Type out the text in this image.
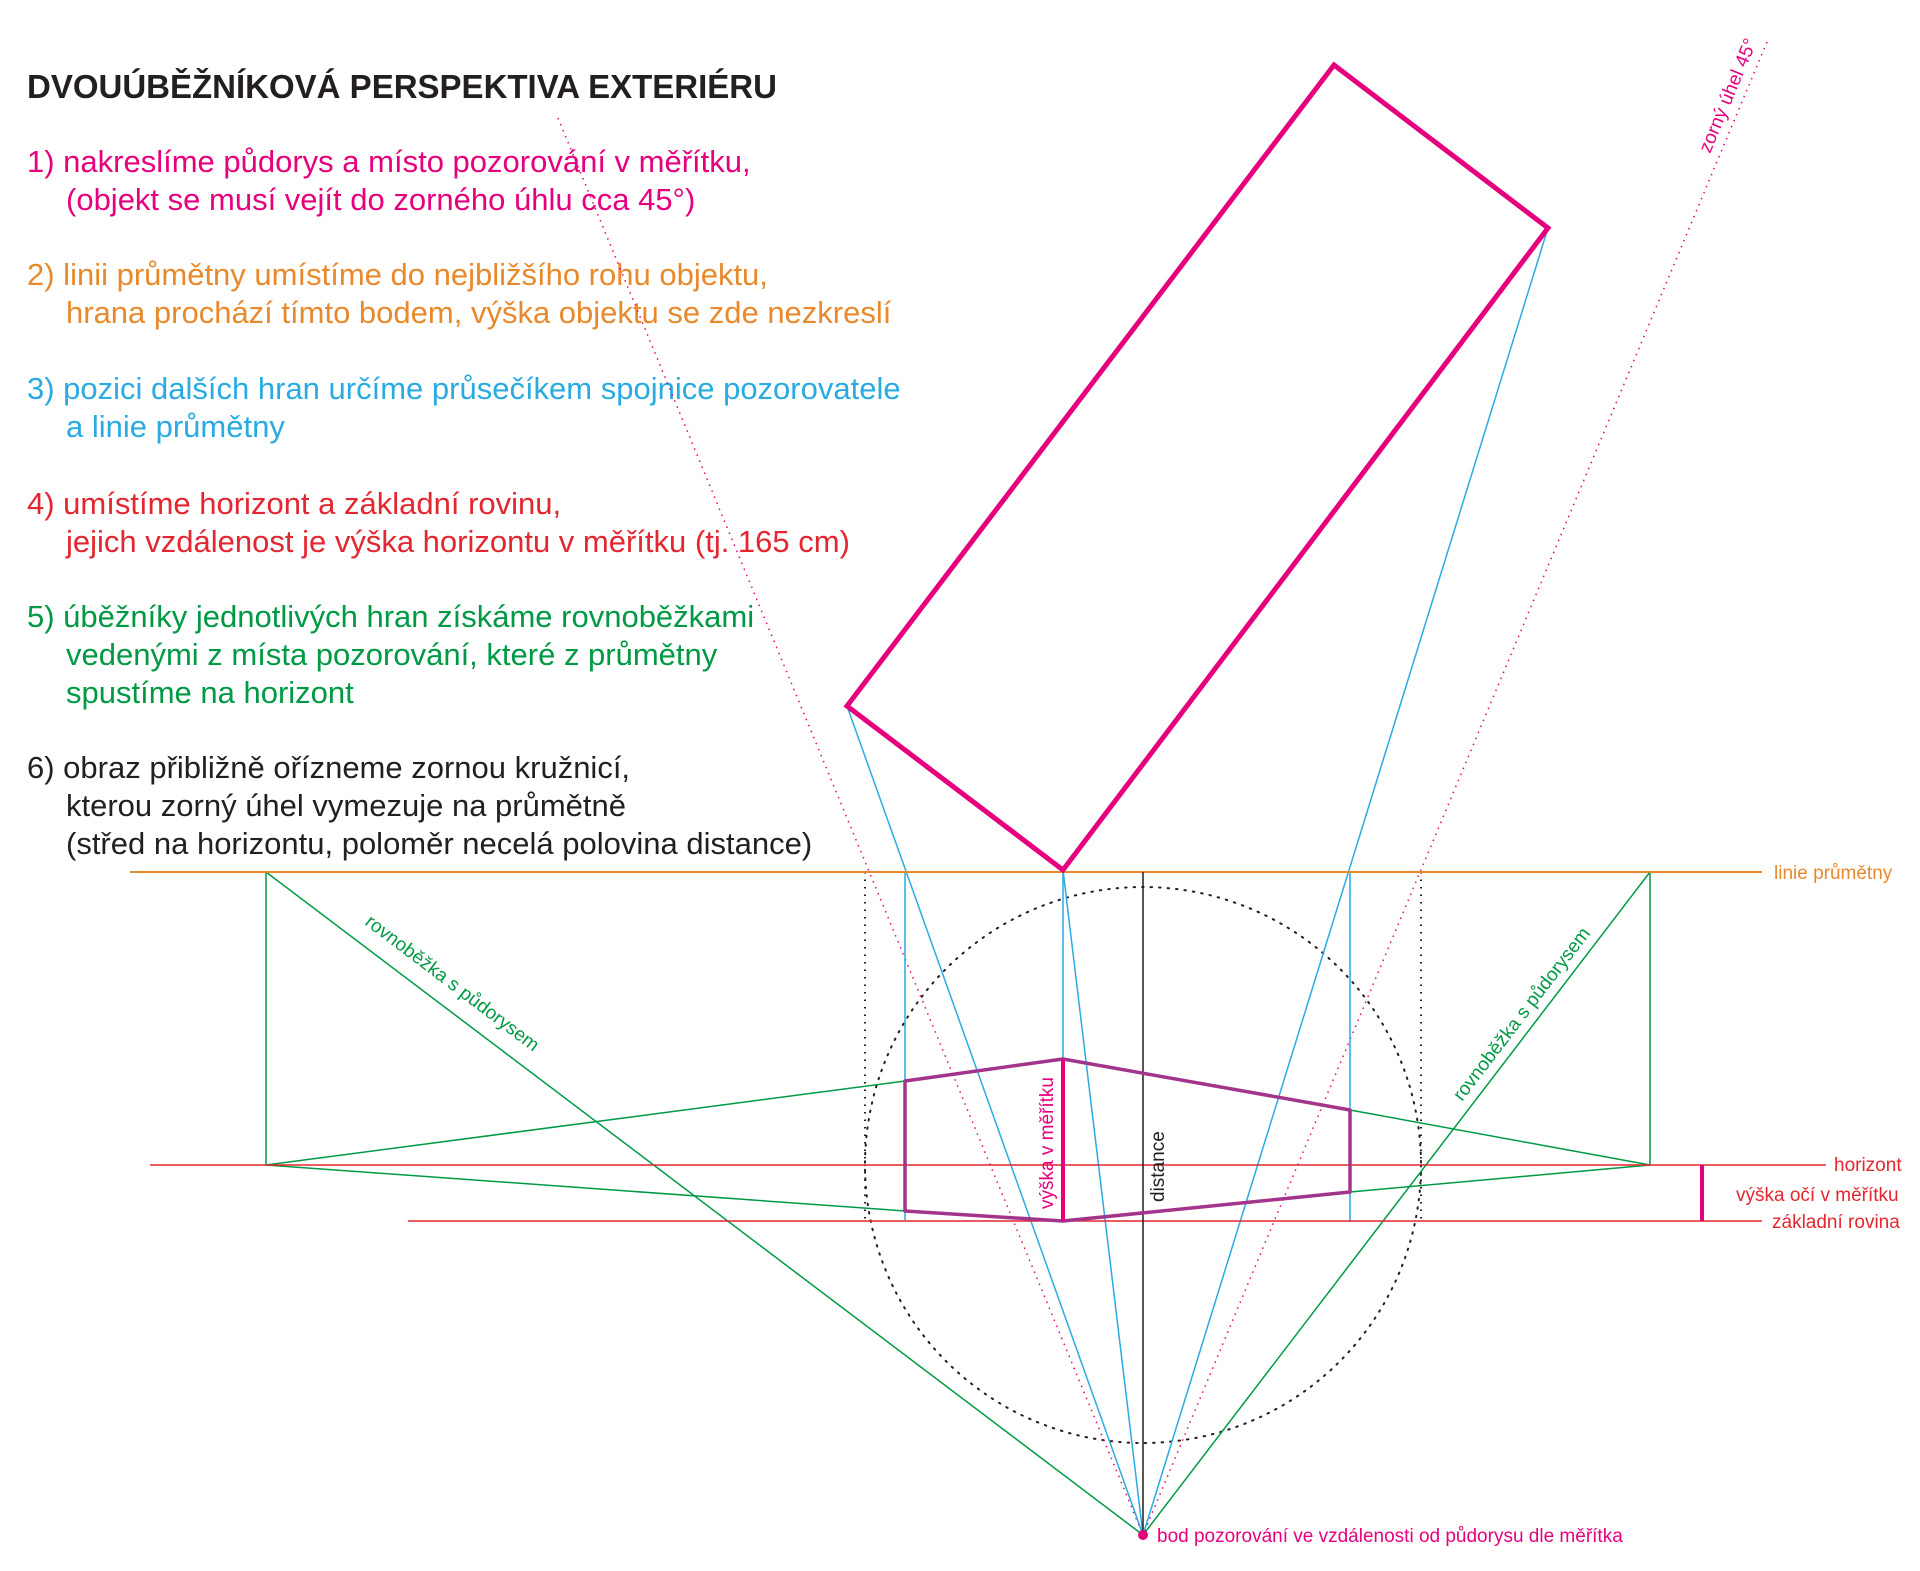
DVOUÚBĚŽNÍKOVÁ PERSPEKTIVA EXTERIÉRU
1) nakreslíme půdorys a místo pozorování v měřítku,
(objekt se musí vejít do zorného úhlu cca 45°)
2) linii průmětny umístíme do nejbližšího rohu objektu,
hrana prochází tímto bodem, výška objektu se zde nezkreslí
3) pozici dalších hran určíme průsečíkem spojnice pozorovatele
a linie průmětny
4) umístíme horizont a základní rovinu,
jejich vzdálenost je výška horizontu v měřítku (tj. 165 cm)
5) úběžníky jednotlivých hran získáme rovnoběžkami
vedenými z místa pozorování, které z průmětny
spustíme na horizont
6) obraz přibližně ořízneme zornou kružnicí,
kterou zorný úhel vymezuje na průmětně
(střed na horizontu, poloměr necelá polovina distance)
linie průmětny
horizont
výška očí v měřítku
základní rovina
bod pozorování ve vzdálenosti od půdorysu dle měřítka
zorný úhel 45°
rovnoběžka s půdorysem	rovnoběžka s půdorysem
výška v měřítku	distance
